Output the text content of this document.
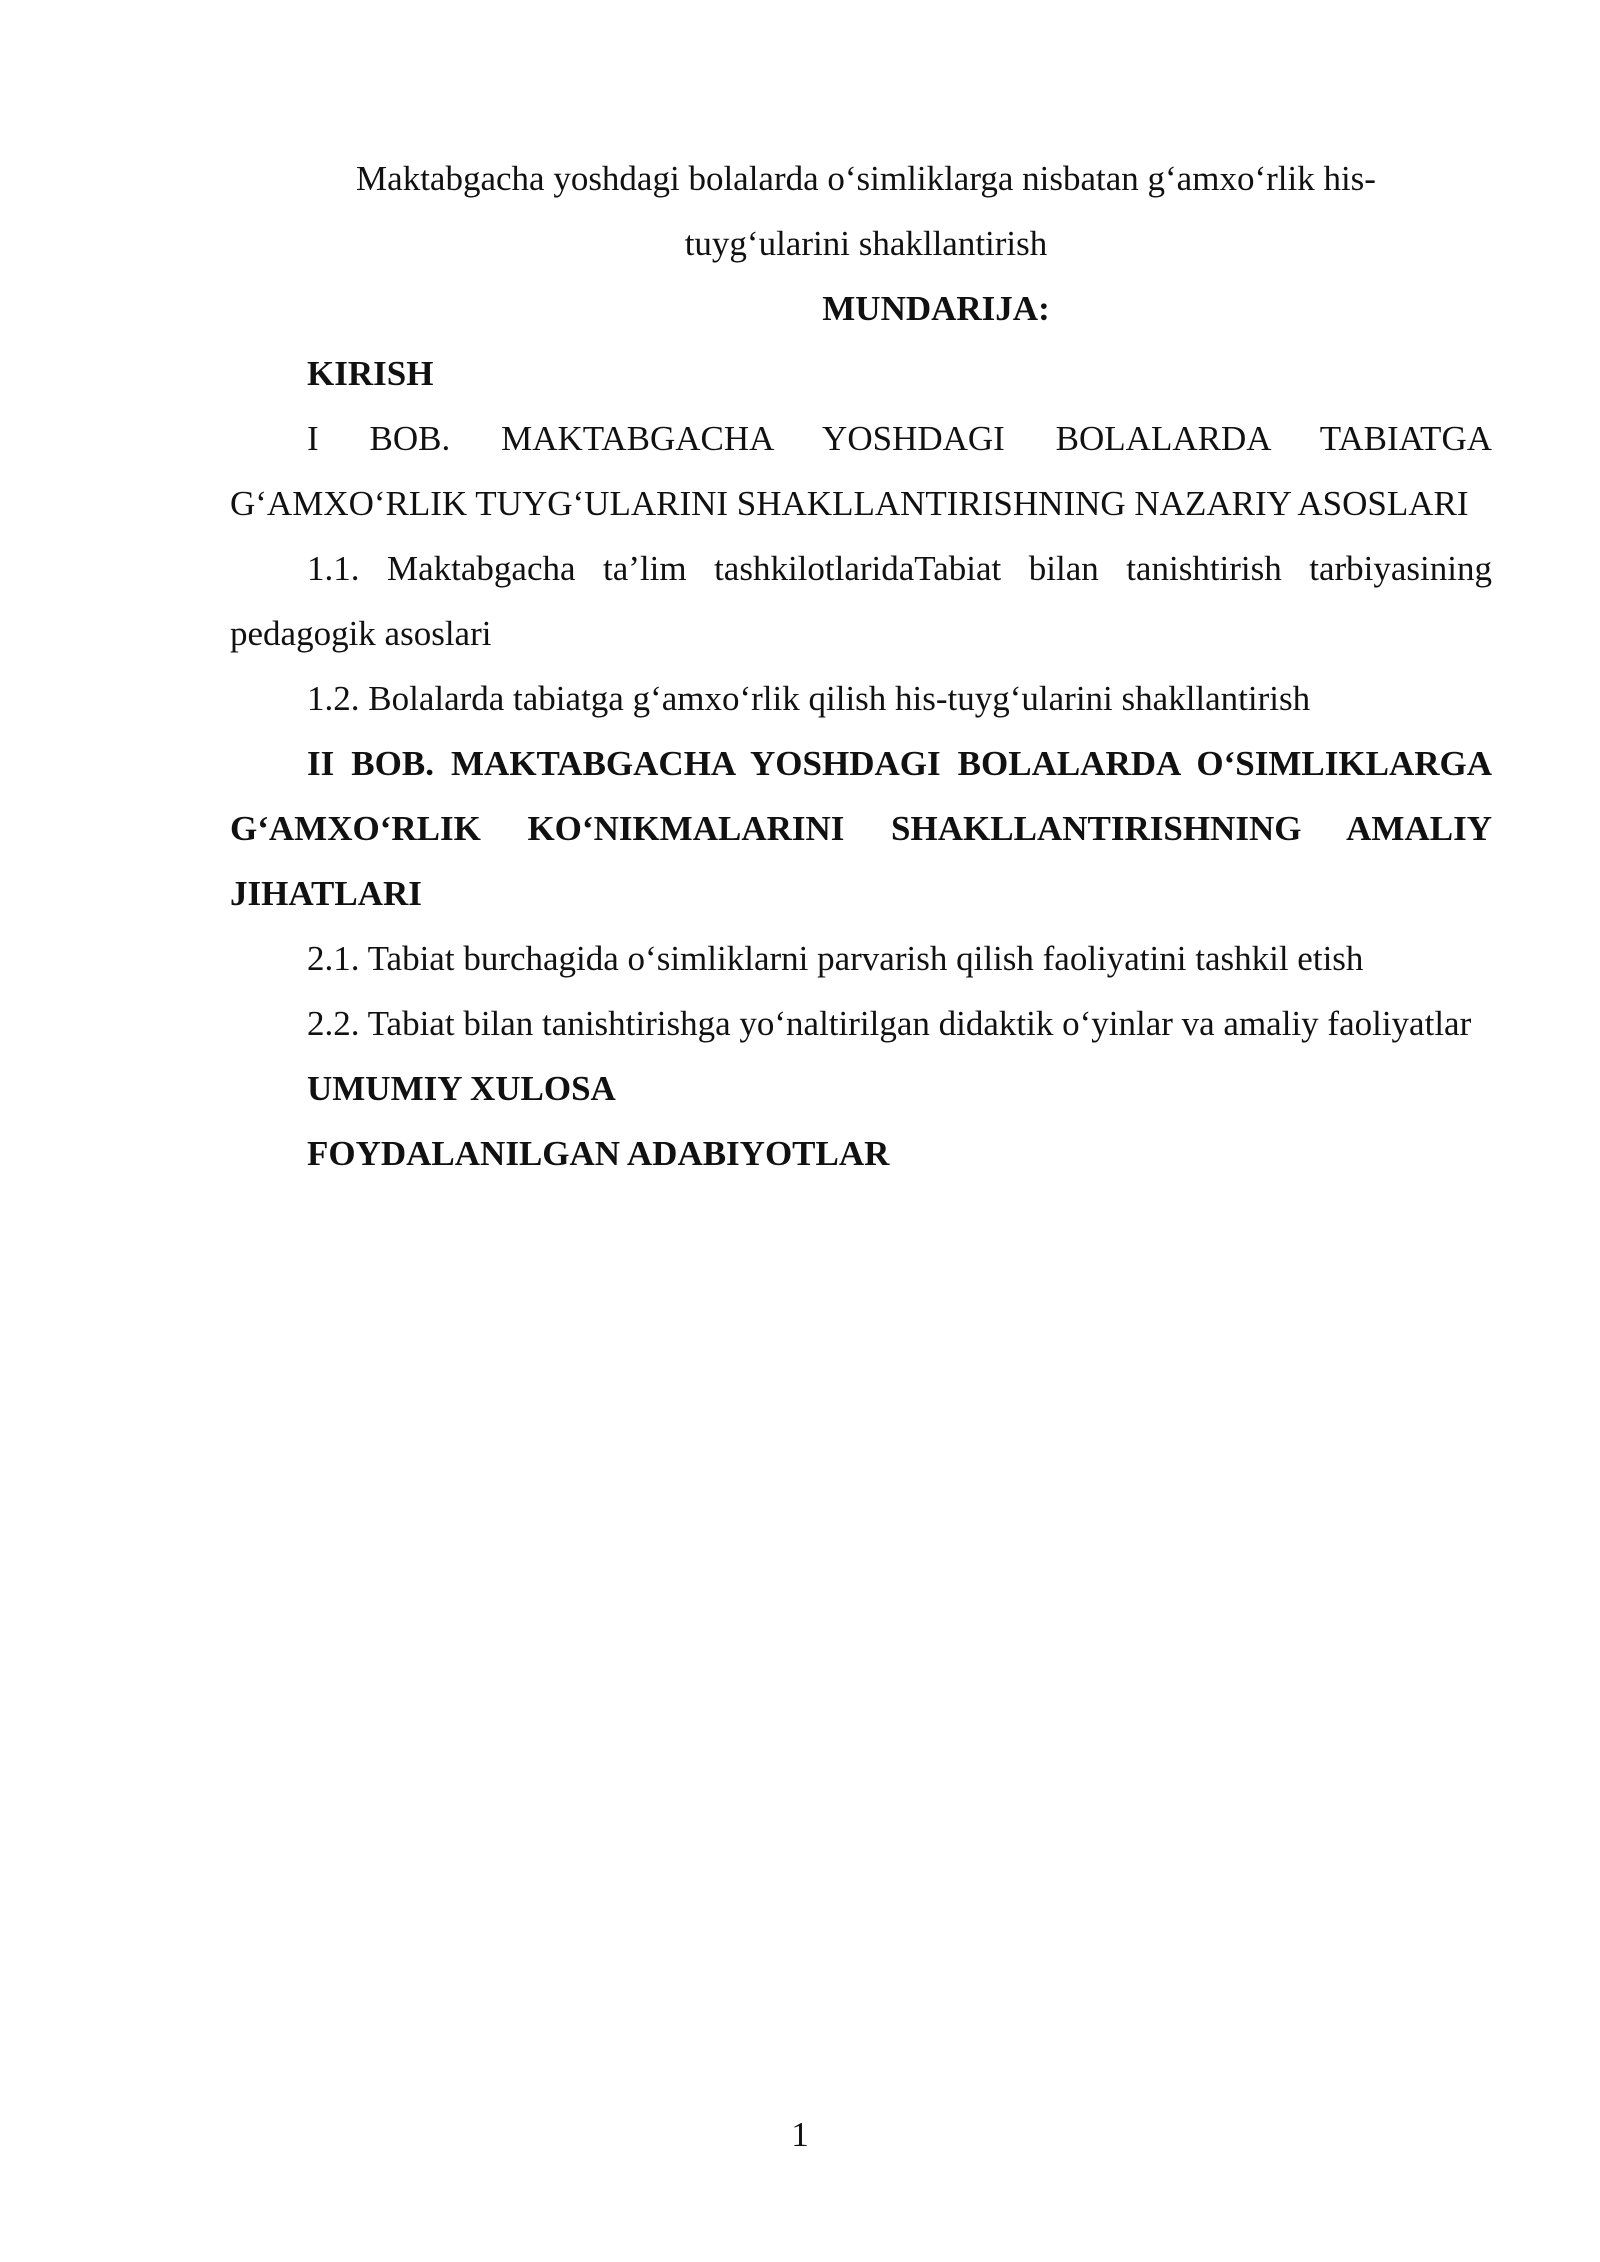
Maktabgacha yoshdagi bolalarda o‘simliklarga nisbatan g‘amxo‘rlik his-
tuyg‘ularini shakllantirish

MUNDARIJA:

KIRISH

I BOB. MAKTABGACHA YOSHDAGI BOLALARDA TABIATGA G‘AMXO‘RLIK TUYG‘ULARINI SHAKLLANTIRISHNING NAZARIY ASOSLARI

1.1. Maktabgacha ta’lim tashkilotlaridaTabiat bilan tanishtirish tarbiyasining pedagogik asoslari

1.2. Bolalarda tabiatga g‘amxo‘rlik qilish his-tuyg‘ularini shakllantirish

II BOB. MAKTABGACHA YOSHDAGI BOLALARDA O‘SIMLIKLARGA G‘AMXO‘RLIK KO‘NIKMALARINI SHAKLLANTIRISHNING AMALIY JIHATLARI

2.1. Tabiat burchagida o‘simliklarni parvarish qilish faoliyatini tashkil etish

2.2. Tabiat bilan tanishtirishga yo‘naltirilgan didaktik o‘yinlar va amaliy faoliyatlar

UMUMIY XULOSA

FOYDALANILGAN ADABIYOTLAR

1
